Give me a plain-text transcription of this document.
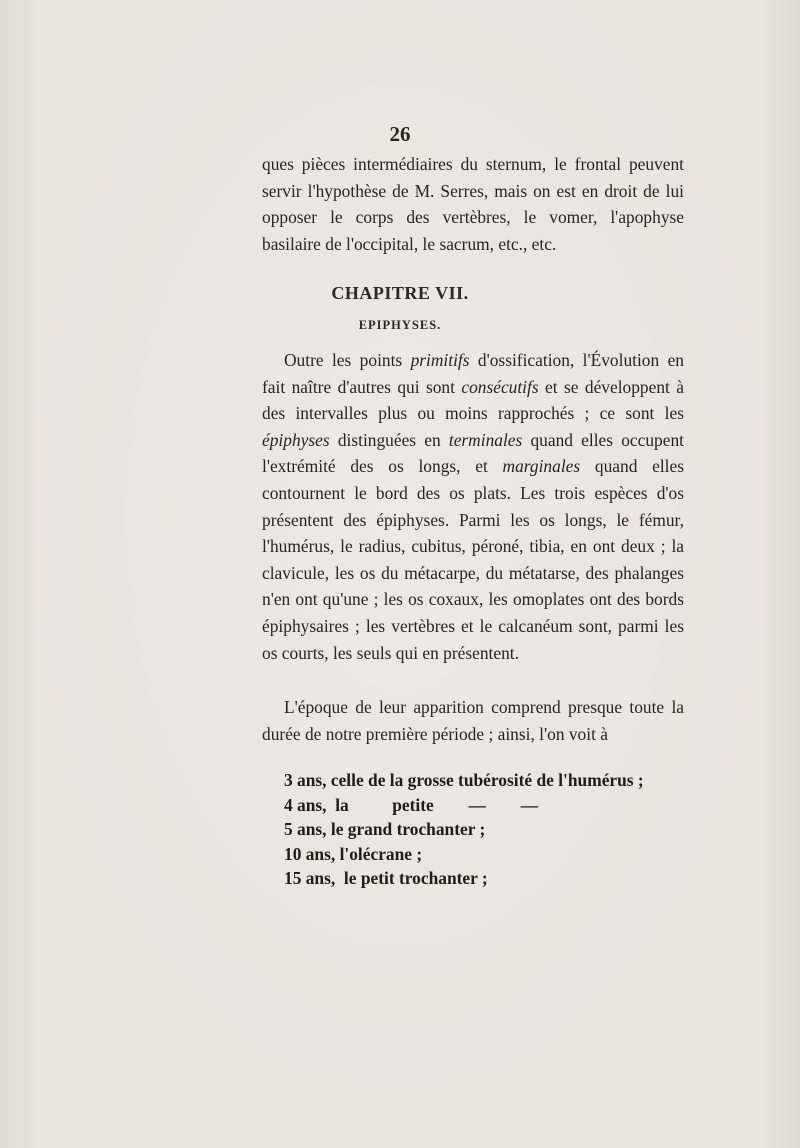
26

ques pièces intermédiaires du sternum, le frontal peuvent servir l'hypothèse de M. Serres, mais on est en droit de lui opposer le corps des vertèbres, le vomer, l'apophyse basilaire de l'occipital, le sacrum, etc., etc.

CHAPITRE VII.
EPIPHYSES.

Outre les points primitifs d'ossification, l'Évolution en fait naître d'autres qui sont consécutifs et se développent à des intervalles plus ou moins rapprochés ; ce sont les épiphyses distinguées en terminales quand elles occupent l'extrémité des os longs, et marginales quand elles contournent le bord des os plats. Les trois espèces d'os présentent des épiphyses. Parmi les os longs, le fémur, l'humérus, le radius, cubitus, péroné, tibia, en ont deux ; la clavicule, les os du métacarpe, du métatarse, des phalanges n'en ont qu'une ; les os coxaux, les omoplates ont des bords épiphysaires ; les vertèbres et le calcanéum sont, parmi les os courts, les seuls qui en présentent.

L'époque de leur apparition comprend presque toute la durée de notre première période ; ainsi, l'on voit à

3 ans, celle de la grosse tubérosité de l'humérus ;
4 ans,  la          petite        —        —
5 ans, le grand trochanter ;
10 ans, l'olécrane ;
15 ans,  le petit trochanter ;
